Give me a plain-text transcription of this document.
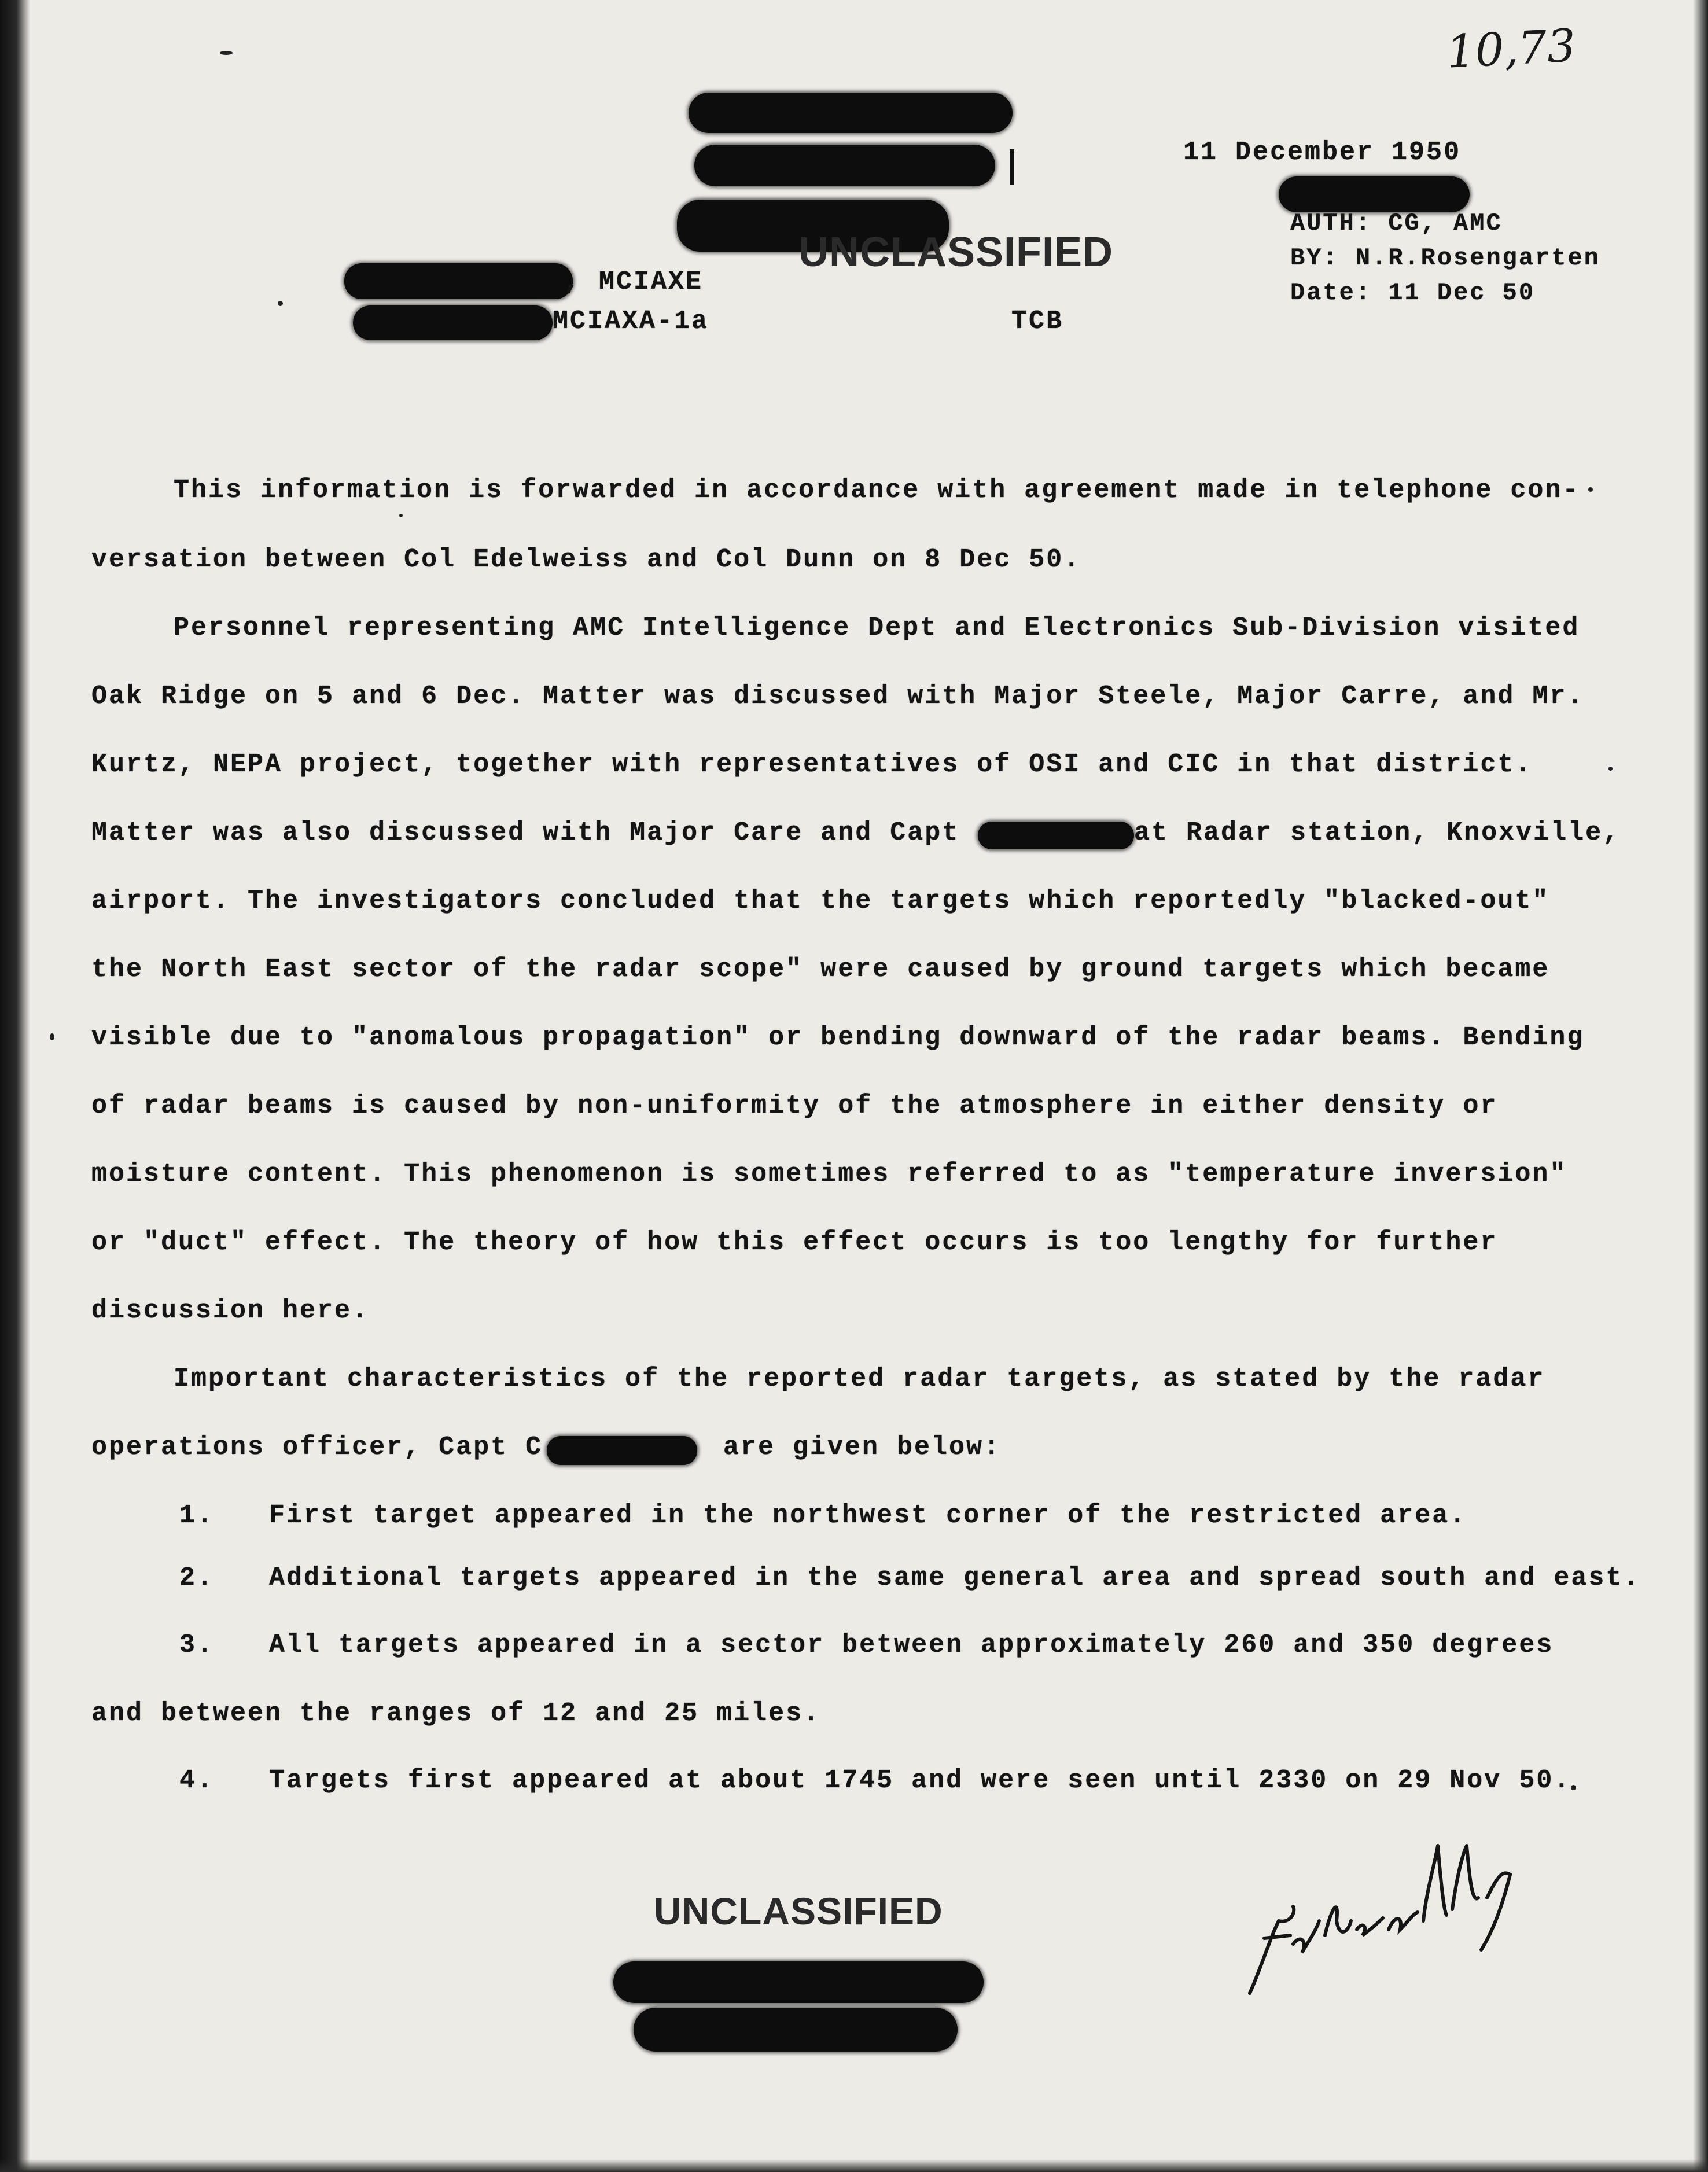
10,73

11 December 1950

AUTH: CG, AMC

BY: N.R.Rosengarten

Date: 11 Dec 50

UNCLASSIFIED

, MCIAXE

MCIAXA-1a	TCB

This information is forwarded in accordance with agreement made in telephone con-

versation between Col Edelweiss and Col Dunn on 8 Dec 50.

Personnel representing AMC Intelligence Dept and Electronics Sub-Division visited

Oak Ridge on 5 and 6 Dec. Matter was discussed with Major Steele, Major Carre, and Mr.

Kurtz, NEPA project, together with representatives of OSI and CIC in that district.

Matter was also discussed with Major Care and Capt	at Radar station, Knoxville,

airport. The investigators concluded that the targets which reportedly "blacked-out"

the North East sector of the radar scope" were caused by ground targets which became

visible due to "anomalous propagation" or bending downward of the radar beams. Bending

of radar beams is caused by non-uniformity of the atmosphere in either density or

moisture content. This phenomenon is sometimes referred to as "temperature inversion"

or "duct" effect. The theory of how this effect occurs is too lengthy for further

discussion here.

Important characteristics of the reported radar targets, as stated by the radar

operations officer, Capt C	are given below:

1. First target appeared in the northwest corner of the restricted area.

2. Additional targets appeared in the same general area and spread south and east.

3. All targets appeared in a sector between approximately 260 and 350 degrees

and between the ranges of 12 and 25 miles.

4. Targets first appeared at about 1745 and were seen until 2330 on 29 Nov 50.

UNCLASSIFIED

Fell conth
